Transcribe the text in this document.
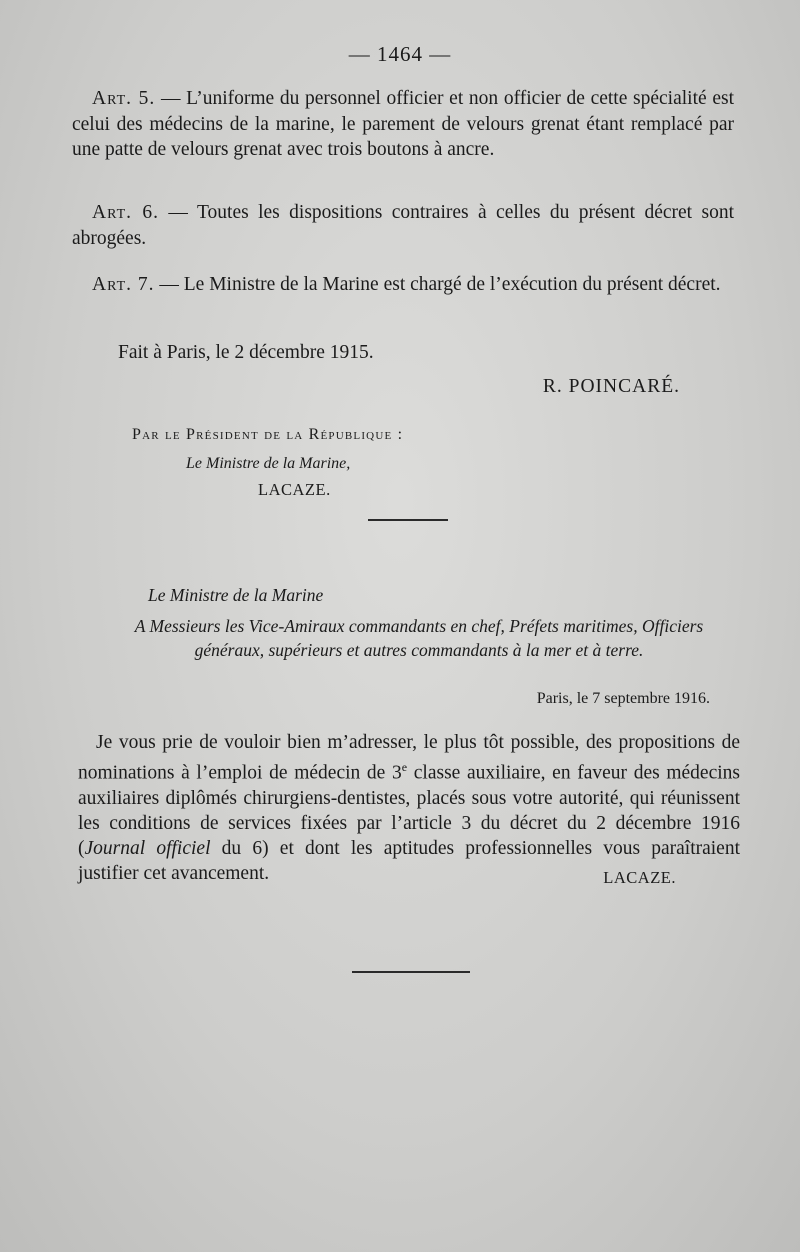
— 1464 —

Art. 5. — L’uniforme du personnel officier et non officier de cette spécialité est celui des médecins de la marine, le parement de velours grenat étant remplacé par une patte de velours grenat avec trois boutons à ancre.

Art. 6. — Toutes les dispositions contraires à celles du présent décret sont abrogées.

Art. 7. — Le Ministre de la Marine est chargé de l’exécution du présent décret.

Fait à Paris, le 2 décembre 1915.
R. POINCARÉ.
Par le Président de la République :
Le Ministre de la Marine,
LACAZE.
Le Ministre de la Marine
A Messieurs les Vice-Amiraux commandants en chef, Préfets maritimes, Officiers généraux, supérieurs et autres commandants à la mer et à terre.
Paris, le 7 septembre 1916.

Je vous prie de vouloir bien m’adresser, le plus tôt possible, des propositions de nominations à l’emploi de médecin de 3e classe auxiliaire, en faveur des médecins auxiliaires diplômés chirurgiens-dentistes, placés sous votre autorité, qui réunissent les conditions de services fixées par l’article 3 du décret du 2 décembre 1916 (Journal officiel du 6) et dont les aptitudes professionnelles vous paraîtraient justifier cet avancement.	LACAZE.
